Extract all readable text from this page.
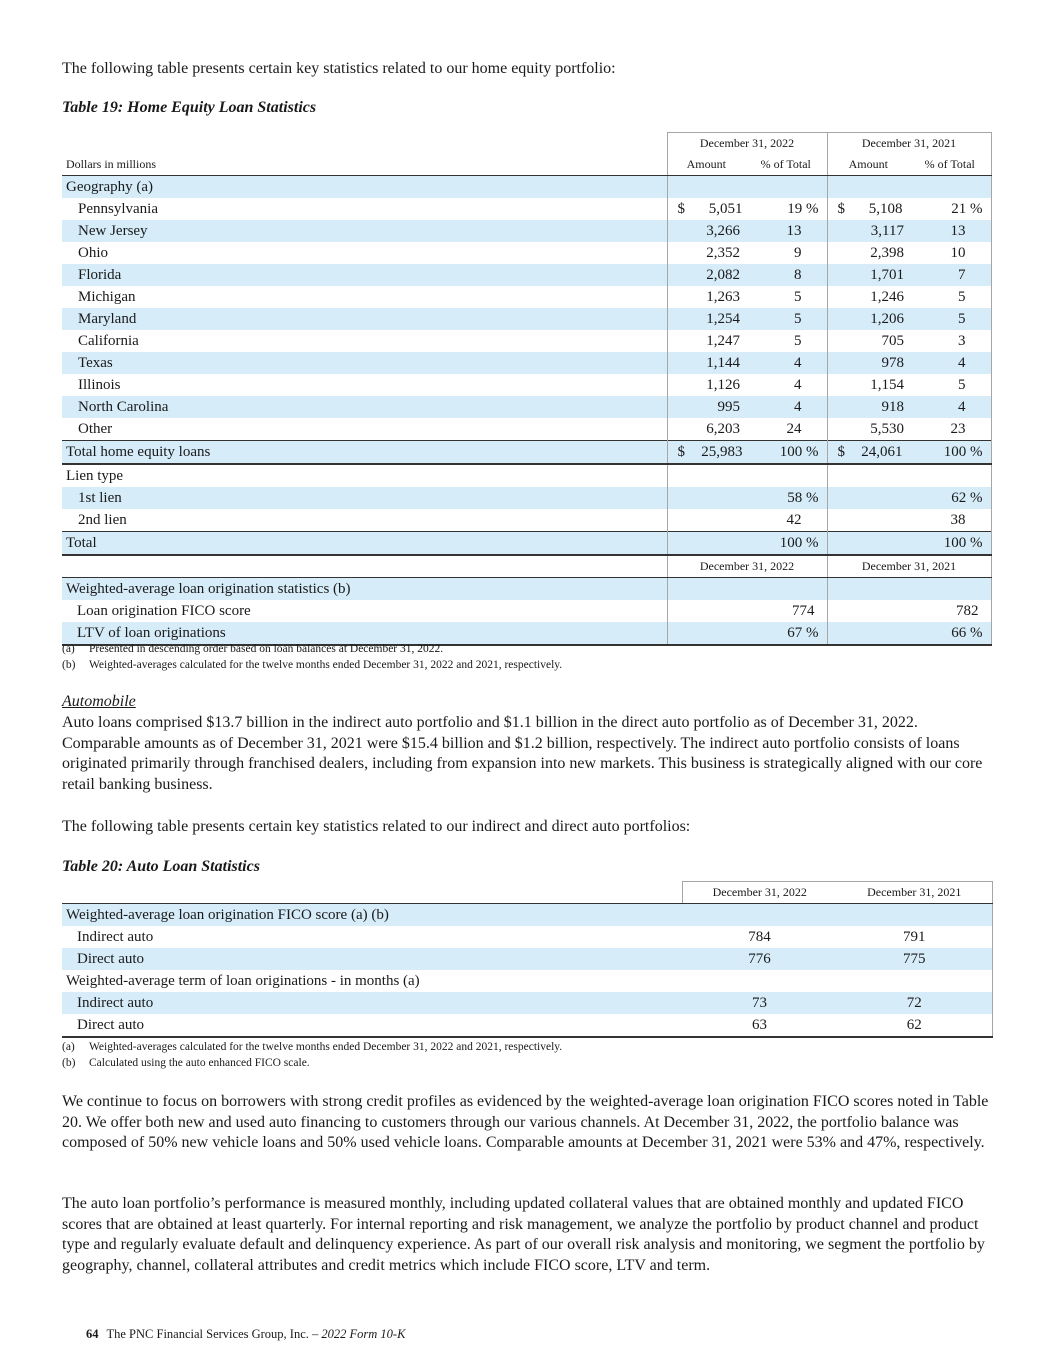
The following table presents certain key statistics related to our home equity portfolio:

Table 19: Home Equity Loan Statistics

	December 31, 2022		December 31, 2021	
Dollars in millions	Amount	% of Total	Amount	% of Total
Geography (a)				
Pennsylvania	$ 5,051	19 %	$ 5,108	21 %
New Jersey	3,266	13	3,117	13
Ohio	2,352	9	2,398	10
Florida	2,082	8	1,701	7
Michigan	1,263	5	1,246	5
Maryland	1,254	5	1,206	5
California	1,247	5	705	3
Texas	1,144	4	978	4
Illinois	1,126	4	1,154	5
North Carolina	995	4	918	4
Other	6,203	24	5,530	23
Total home equity loans	$ 25,983	100 %	$ 24,061	100 %
Lien type				
1st lien		58 %		62 %
2nd lien		42		38
Total		100 %		100 %
	December 31, 2022		December 31, 2021	
Weighted-average loan origination statistics (b)				
Loan origination FICO score	774		782	
LTV of loan originations	67 %		66 %	

(a) Presented in descending order based on loan balances at December 31, 2022.

(b) Weighted-averages calculated for the twelve months ended December 31, 2022 and 2021, respectively.

Automobile

Auto loans comprised $13.7 billion in the indirect auto portfolio and $1.1 billion in the direct auto portfolio as of December 31, 2022. Comparable amounts as of December 31, 2021 were $15.4 billion and $1.2 billion, respectively. The indirect auto portfolio consists of loans originated primarily through franchised dealers, including from expansion into new markets. This business is strategically aligned with our core retail banking business.

The following table presents certain key statistics related to our indirect and direct auto portfolios:

Table 20: Auto Loan Statistics

	December 31, 2022	December 31, 2021
Weighted-average loan origination FICO score (a) (b)		
Indirect auto	784	791
Direct auto	776	775
Weighted-average term of loan originations - in months (a)		
Indirect auto	73	72
Direct auto	63	62

(a) Weighted-averages calculated for the twelve months ended December 31, 2022 and 2021, respectively.

(b) Calculated using the auto enhanced FICO scale.

We continue to focus on borrowers with strong credit profiles as evidenced by the weighted-average loan origination FICO scores noted in Table 20. We offer both new and used auto financing to customers through our various channels. At December 31, 2022, the portfolio balance was composed of 50% new vehicle loans and 50% used vehicle loans. Comparable amounts at December 31, 2021 were 53% and 47%, respectively.

The auto loan portfolio’s performance is measured monthly, including updated collateral values that are obtained monthly and updated FICO scores that are obtained at least quarterly. For internal reporting and risk management, we analyze the portfolio by product channel and product type and regularly evaluate default and delinquency experience. As part of our overall risk analysis and monitoring, we segment the portfolio by geography, channel, collateral attributes and credit metrics which include FICO score, LTV and term.

64 The PNC Financial Services Group, Inc. – 2022 Form 10-K
